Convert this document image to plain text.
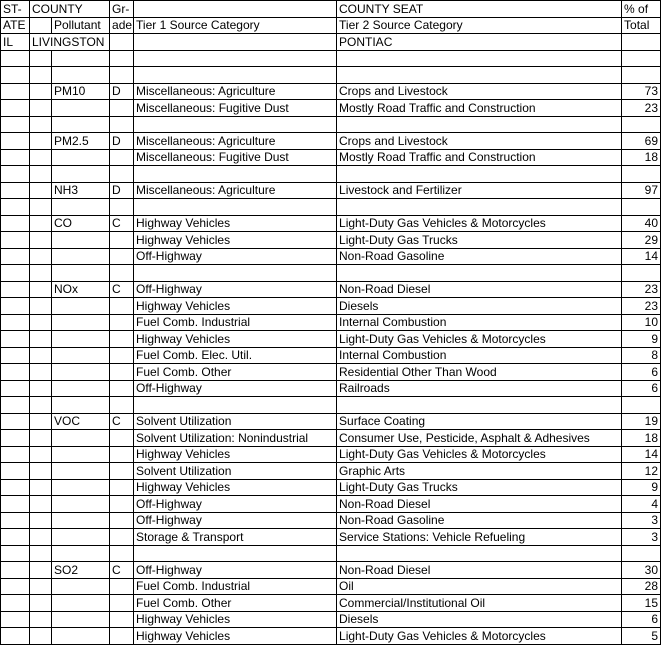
ST-	COUNTY		Gr-		COUNTY SEAT	% of
ATE		Pollutant	ade	Tier 1 Source Category	Tier 2 Source Category	Total
IL	LIVINGSTON				PONTIAC	

		PM10	D	Miscellaneous: Agriculture	Crops and Livestock	73
				Miscellaneous: Fugitive Dust	Mostly Road Traffic and Construction	23

		PM2.5	D	Miscellaneous: Agriculture	Crops and Livestock	69
				Miscellaneous: Fugitive Dust	Mostly Road Traffic and Construction	18

		NH3	D	Miscellaneous: Agriculture	Livestock and Fertilizer	97

		CO	C	Highway Vehicles	Light-Duty Gas Vehicles & Motorcycles	40
				Highway Vehicles	Light-Duty Gas Trucks	29
				Off-Highway	Non-Road Gasoline	14

		NOx	C	Off-Highway	Non-Road Diesel	23
				Highway Vehicles	Diesels	23
				Fuel Comb. Industrial	Internal Combustion	10
				Highway Vehicles	Light-Duty Gas Vehicles & Motorcycles	9
				Fuel Comb. Elec. Util.	Internal Combustion	8
				Fuel Comb. Other	Residential Other Than Wood	6
				Off-Highway	Railroads	6

		VOC	C	Solvent Utilization	Surface Coating	19
				Solvent Utilization: Nonindustrial	Consumer Use, Pesticide, Asphalt & Adhesives	18
				Highway Vehicles	Light-Duty Gas Vehicles & Motorcycles	14
				Solvent Utilization	Graphic Arts	12
				Highway Vehicles	Light-Duty Gas Trucks	9
				Off-Highway	Non-Road Diesel	4
				Off-Highway	Non-Road Gasoline	3
				Storage & Transport	Service Stations: Vehicle Refueling	3

		SO2	C	Off-Highway	Non-Road Diesel	30
				Fuel Comb. Industrial	Oil	28
				Fuel Comb. Other	Commercial/Institutional Oil	15
				Highway Vehicles	Diesels	6
				Highway Vehicles	Light-Duty Gas Vehicles & Motorcycles	5
